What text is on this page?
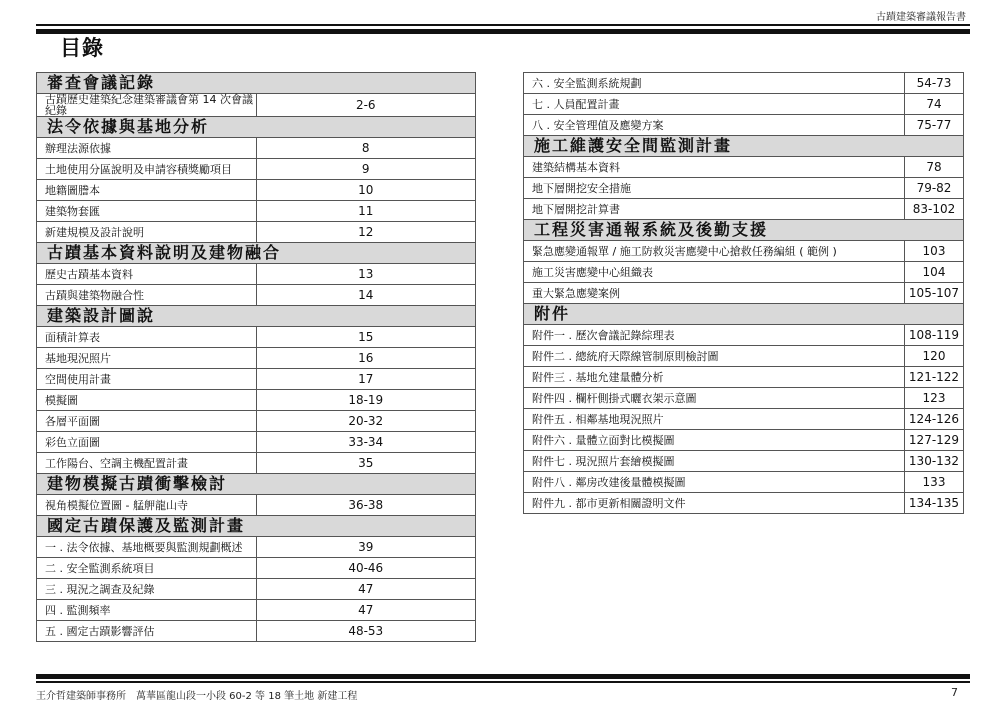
古蹟建築審議報告書
目錄
審查會議記錄	
古蹟歷史建築紀念建築審議會第 14 次會議紀錄	2-6
法令依據與基地分析	
辦理法源依據	8
土地使用分區說明及申請容積獎勵項目	9
地籍圖謄本	10
建築物套匯	11
新建規模及設計說明	12
古蹟基本資料說明及建物融合	
歷史古蹟基本資料	13
古蹟與建築物融合性	14
建築設計圖說	
面積計算表	15
基地現況照片	16
空間使用計畫	17
模擬圖	18-19
各層平面圖	20-32
彩色立面圖	33-34
工作陽台、空調主機配置計畫	35
建物模擬古蹟衝擊檢討	
視角模擬位置圖 - 艋舺龍山寺	36-38
國定古蹟保護及監測計畫	
一 . 法令依據、基地概要與監測規劃概述	39
二 . 安全監測系統項目	40-46
三 . 現況之調查及紀錄	47
四 . 監測頻率	47
五 . 國定古蹟影響評估	48-53
六 . 安全監測系統規劃	54-73
七 . 人員配置計畫	74
八 . 安全管理值及應變方案	75-77
施工維護安全間監測計畫	
建築結構基本資料	78
地下層開挖安全措施	79-82
地下層開挖計算書	83-102
工程災害通報系統及後勤支援	
緊急應變通報單 / 施工防救災害應變中心搶救任務編組 ( 範例 )	103
施工災害應變中心組織表	104
重大緊急應變案例	105-107
附件	
附件一 . 歷次會議記錄綜理表	108-119
附件二 . 總統府天際線管制原則檢討圖	120
附件三 . 基地允建量體分析	121-122
附件四 . 欄杆側掛式曬衣架示意圖	123
附件五 . 相鄰基地現況照片	124-126
附件六 . 量體立面對比模擬圖	127-129
附件七 . 現況照片套繪模擬圖	130-132
附件八 . 鄰房改建後量體模擬圖	133
附件九 . 都市更新相關證明文件	134-135
王介哲建築師事務所　萬華區龍山段一小段 60-2 等 18 筆土地 新建工程	7
